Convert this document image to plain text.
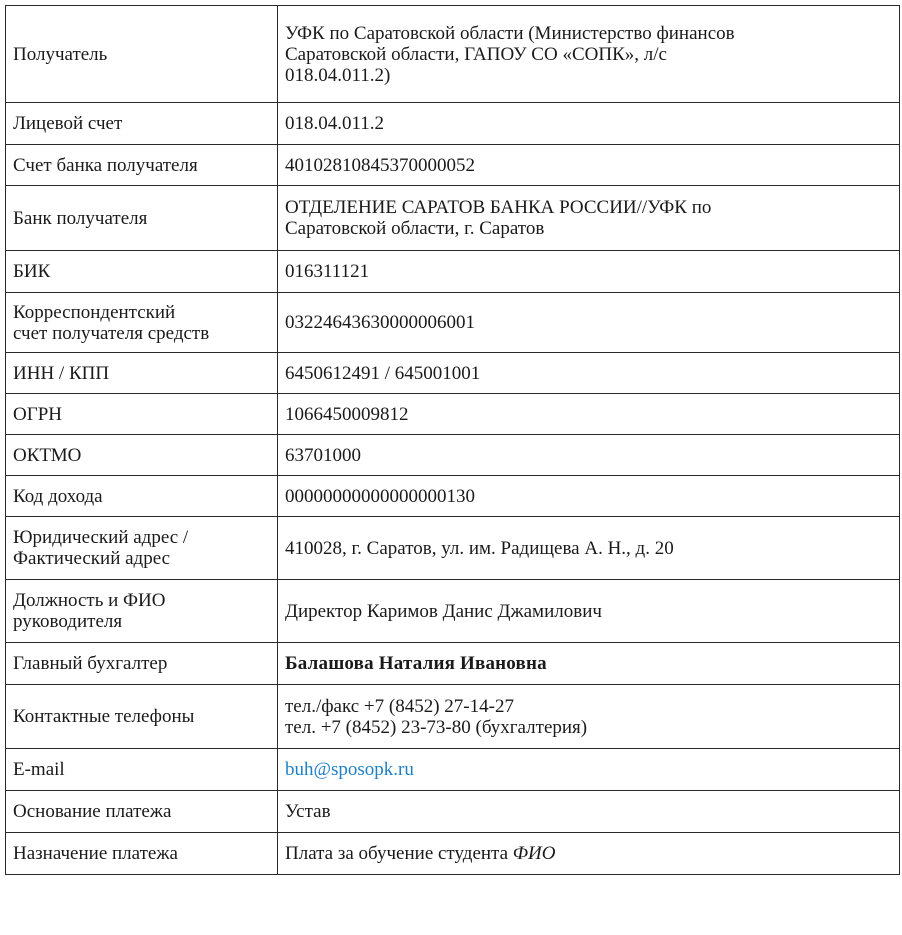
Получатель	УФК по Саратовской области (Министерство финансов
Саратовской области, ГАПОУ СО «СОПК», л/с
018.04.011.2)

Лицевой счет	018.04.011.2
Счет банка получателя	40102810845370000052
Банк получателя	ОТДЕЛЕНИЕ САРАТОВ БАНКА РОССИИ//УФК по
Саратовской области, г. Саратов

БИК	016311121

Корреспондентский
счет получателя средств	03224643630000006001
ИНН / КПП	6450612491 / 645001001
ОГРН	1066450009812
ОКТМО	63701000
Код дохода	00000000000000000130

Юридический адрес /
Фактический адрес	410028, г. Саратов, ул. им. Радищева А. Н., д. 20

Должность и ФИО
руководителя	Директор Каримов Данис Джамилович
Главный бухгалтер	Балашова Наталия Ивановна
Контактные телефоны	тел./факс +7 (8452) 27-14-27
тел. +7 (8452) 23-73-80 (бухгалтерия)

E-mail	buh@sposopk.ru
Основание платежа	Устав
Назначение платежа	Плата за обучение студента ФИО
